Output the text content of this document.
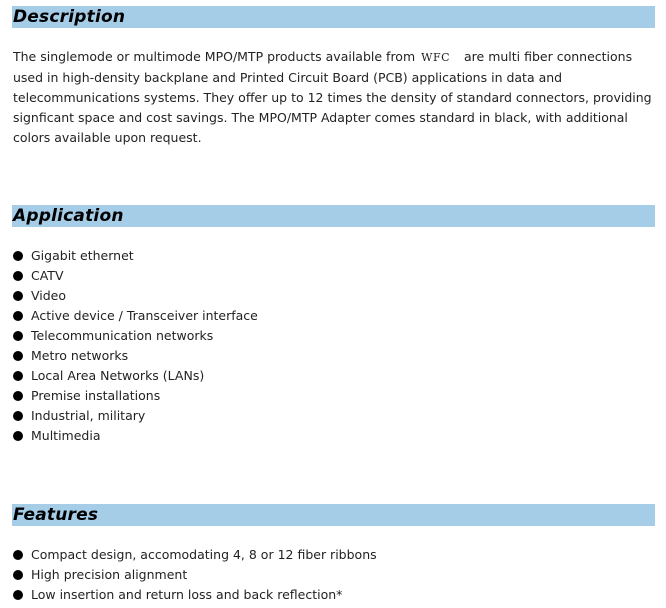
Description

The singlemode or multimode MPO/MTP products available from WFC are multi fiber connections used in high-density backplane and Printed Circuit Board (PCB) applications in data and telecommunications systems. They offer up to 12 times the density of standard connectors, providing signficant space and cost savings. The MPO/MTP Adapter comes standard in black, with additional colors available upon request.

Application
Gigabit ethernet
CATV
Video
Active device / Transceiver interface
Telecommunication networks
Metro networks
Local Area Networks (LANs)
Premise installations
Industrial, military
Multimedia
Features
Compact design, accomodating 4, 8 or 12 fiber ribbons
High precision alignment
Low insertion and return loss and back reflection*
